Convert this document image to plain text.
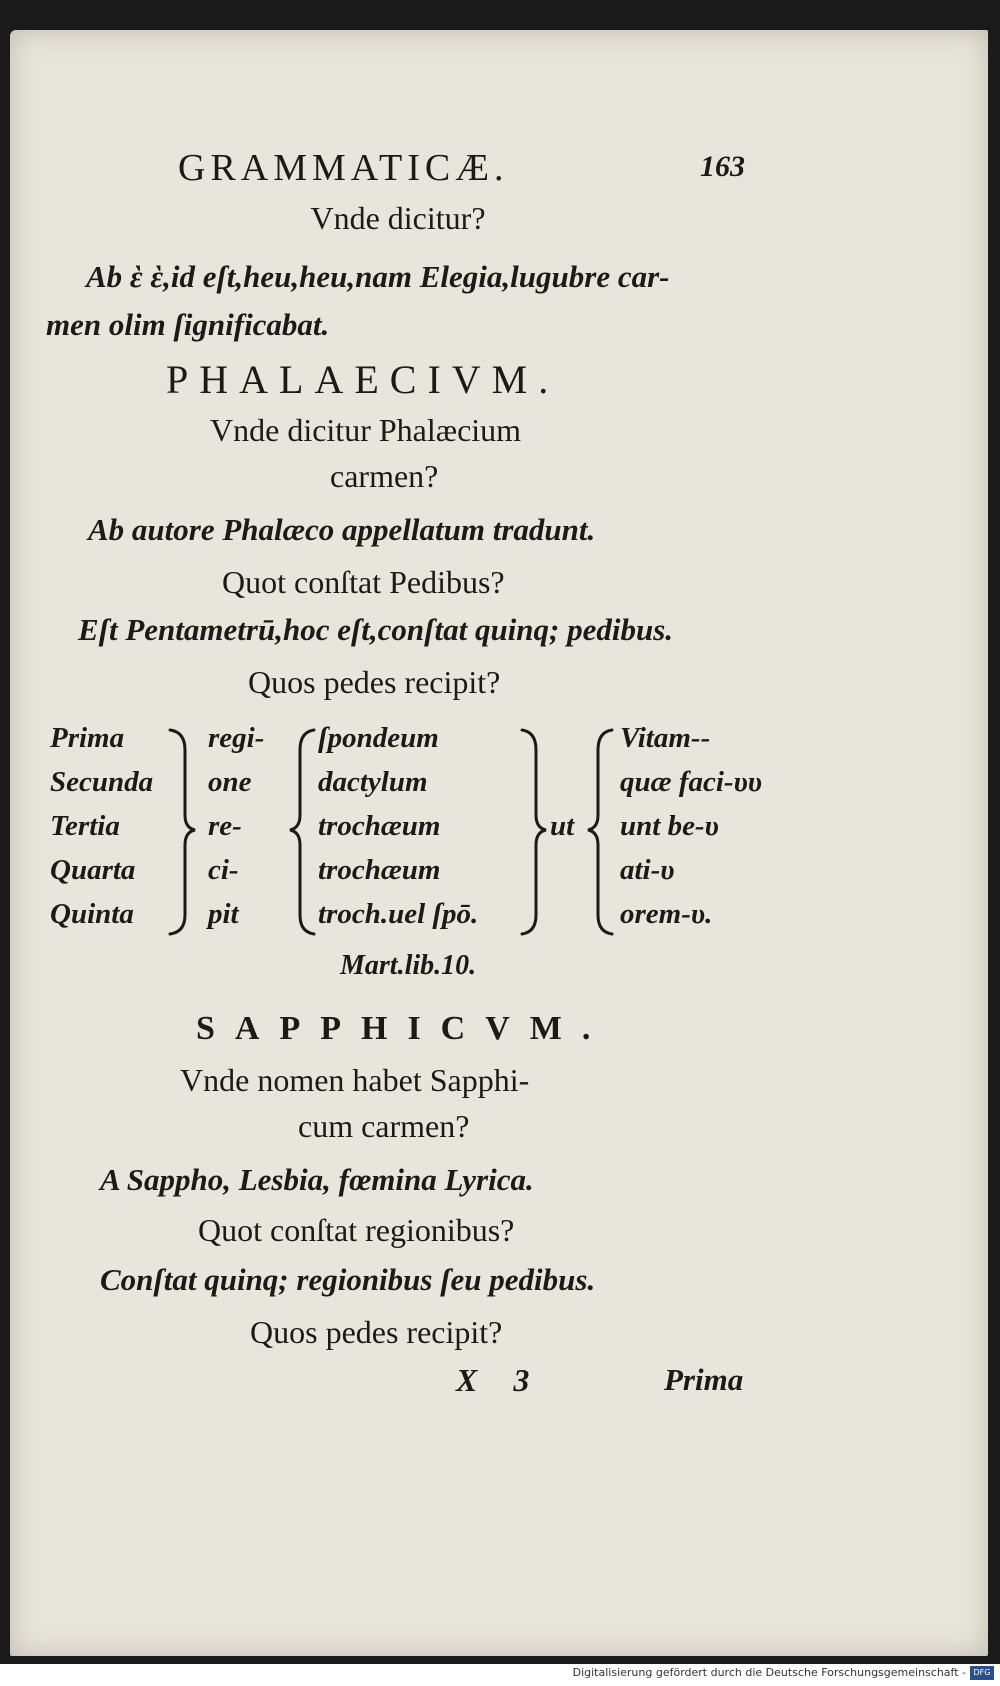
GRAMMATICÆ.	163
Vnde dicitur?
Ab ὲ ὲ,id eſt,heu,heu,nam Elegia,lugubre car-
men olim ſignificabat.
PHALAECIVM.
Vnde dicitur Phalæcium
carmen?
Ab autore Phalæco appellatum tradunt.
Quot conſtat Pedibus?
Eſt Pentametrū,hoc eſt,conſtat quinq; pedibus.
Quos pedes recipit?
Prima
Secunda
Tertia
Quarta
Quinta
regi-
one
re-
ci-
pit
ſpondeum
dactylum
trochæum
trochæum
troch.uel ſpō.
ut
Vitam--
quæ faci-υυ
unt be-υ
ati-υ
orem-υ.
Mart.lib.10.
SAPPHICVM.
Vnde nomen habet Sapphi-
cum carmen?
A Sappho, Lesbia, fœmina Lyrica.
Quot conſtat regionibus?
Conſtat quinq; regionibus ſeu pedibus.
Quos pedes recipit?
X 3	Prima
Digitalisierung gefördert durch die Deutsche Forschungsgemeinschaft - DFG
